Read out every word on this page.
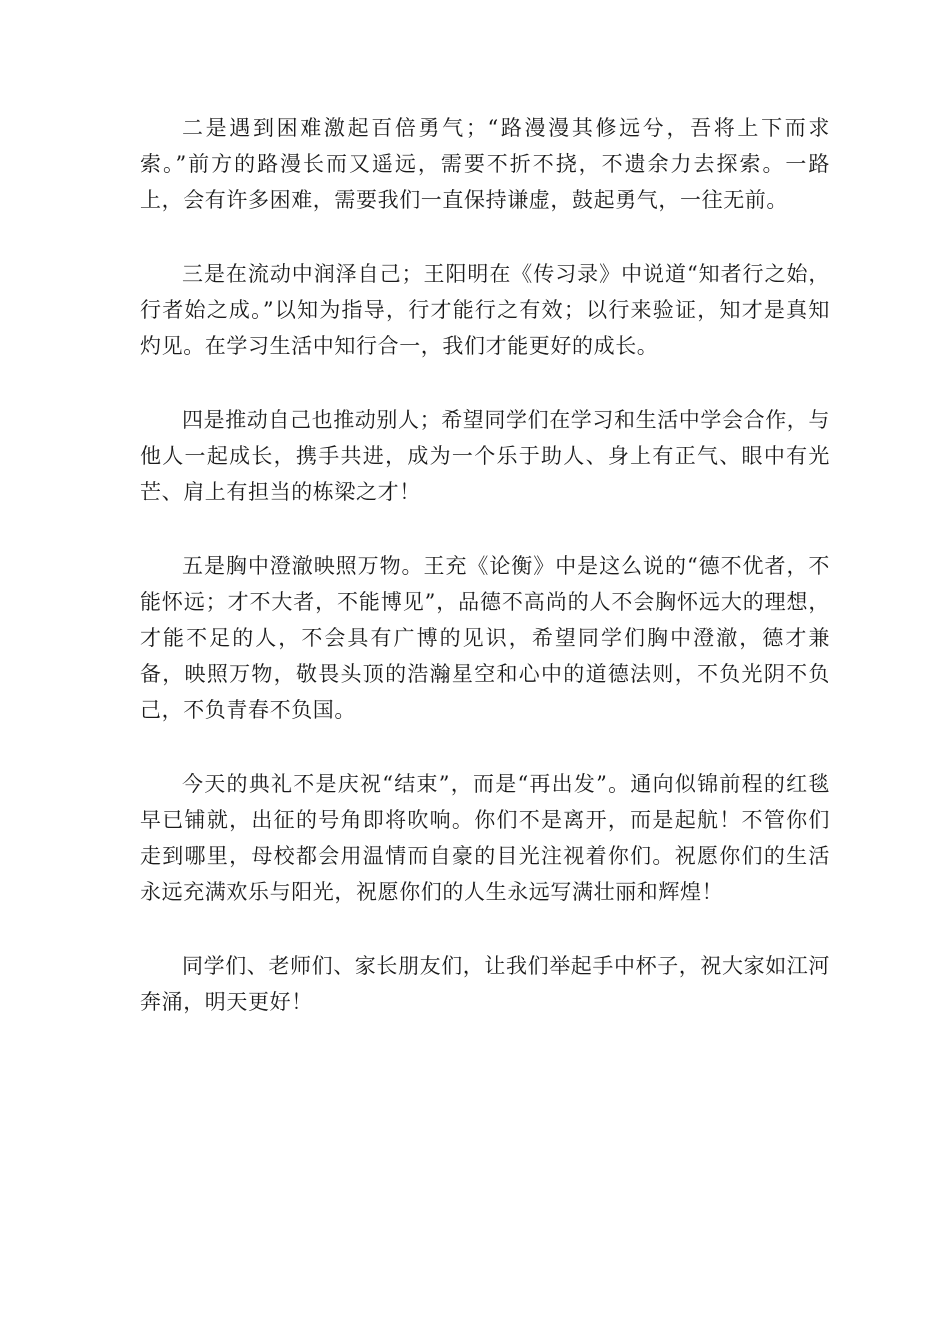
二是遇到困难激起百倍勇气；“路漫漫其修远兮，吾将上下而求索。”前方的路漫长而又遥远，需要不折不挠，不遗余力去探索。一路上，会有许多困难，需要我们一直保持谦虚，鼓起勇气，一往无前。

三是在流动中润泽自己；王阳明在《传习录》中说道“知者行之始，行者始之成。”以知为指导，行才能行之有效；以行来验证，知才是真知灼见。在学习生活中知行合一，我们才能更好的成长。

四是推动自己也推动别人；希望同学们在学习和生活中学会合作，与他人一起成长，携手共进，成为一个乐于助人、身上有正气、眼中有光芒、肩上有担当的栋梁之才！

五是胸中澄澈映照万物。王充《论衡》中是这么说的“德不优者，不能怀远；才不大者，不能博见”，品德不高尚的人不会胸怀远大的理想，才能不足的人，不会具有广博的见识，希望同学们胸中澄澈，德才兼备，映照万物，敬畏头顶的浩瀚星空和心中的道德法则，不负光阴不负己，不负青春不负国。

今天的典礼不是庆祝“结束”，而是“再出发”。通向似锦前程的红毯早已铺就，出征的号角即将吹响。你们不是离开，而是起航！不管你们走到哪里，母校都会用温情而自豪的目光注视着你们。祝愿你们的生活永远充满欢乐与阳光，祝愿你们的人生永远写满壮丽和辉煌！

同学们、老师们、家长朋友们，让我们举起手中杯子，祝大家如江河奔涌，明天更好！
